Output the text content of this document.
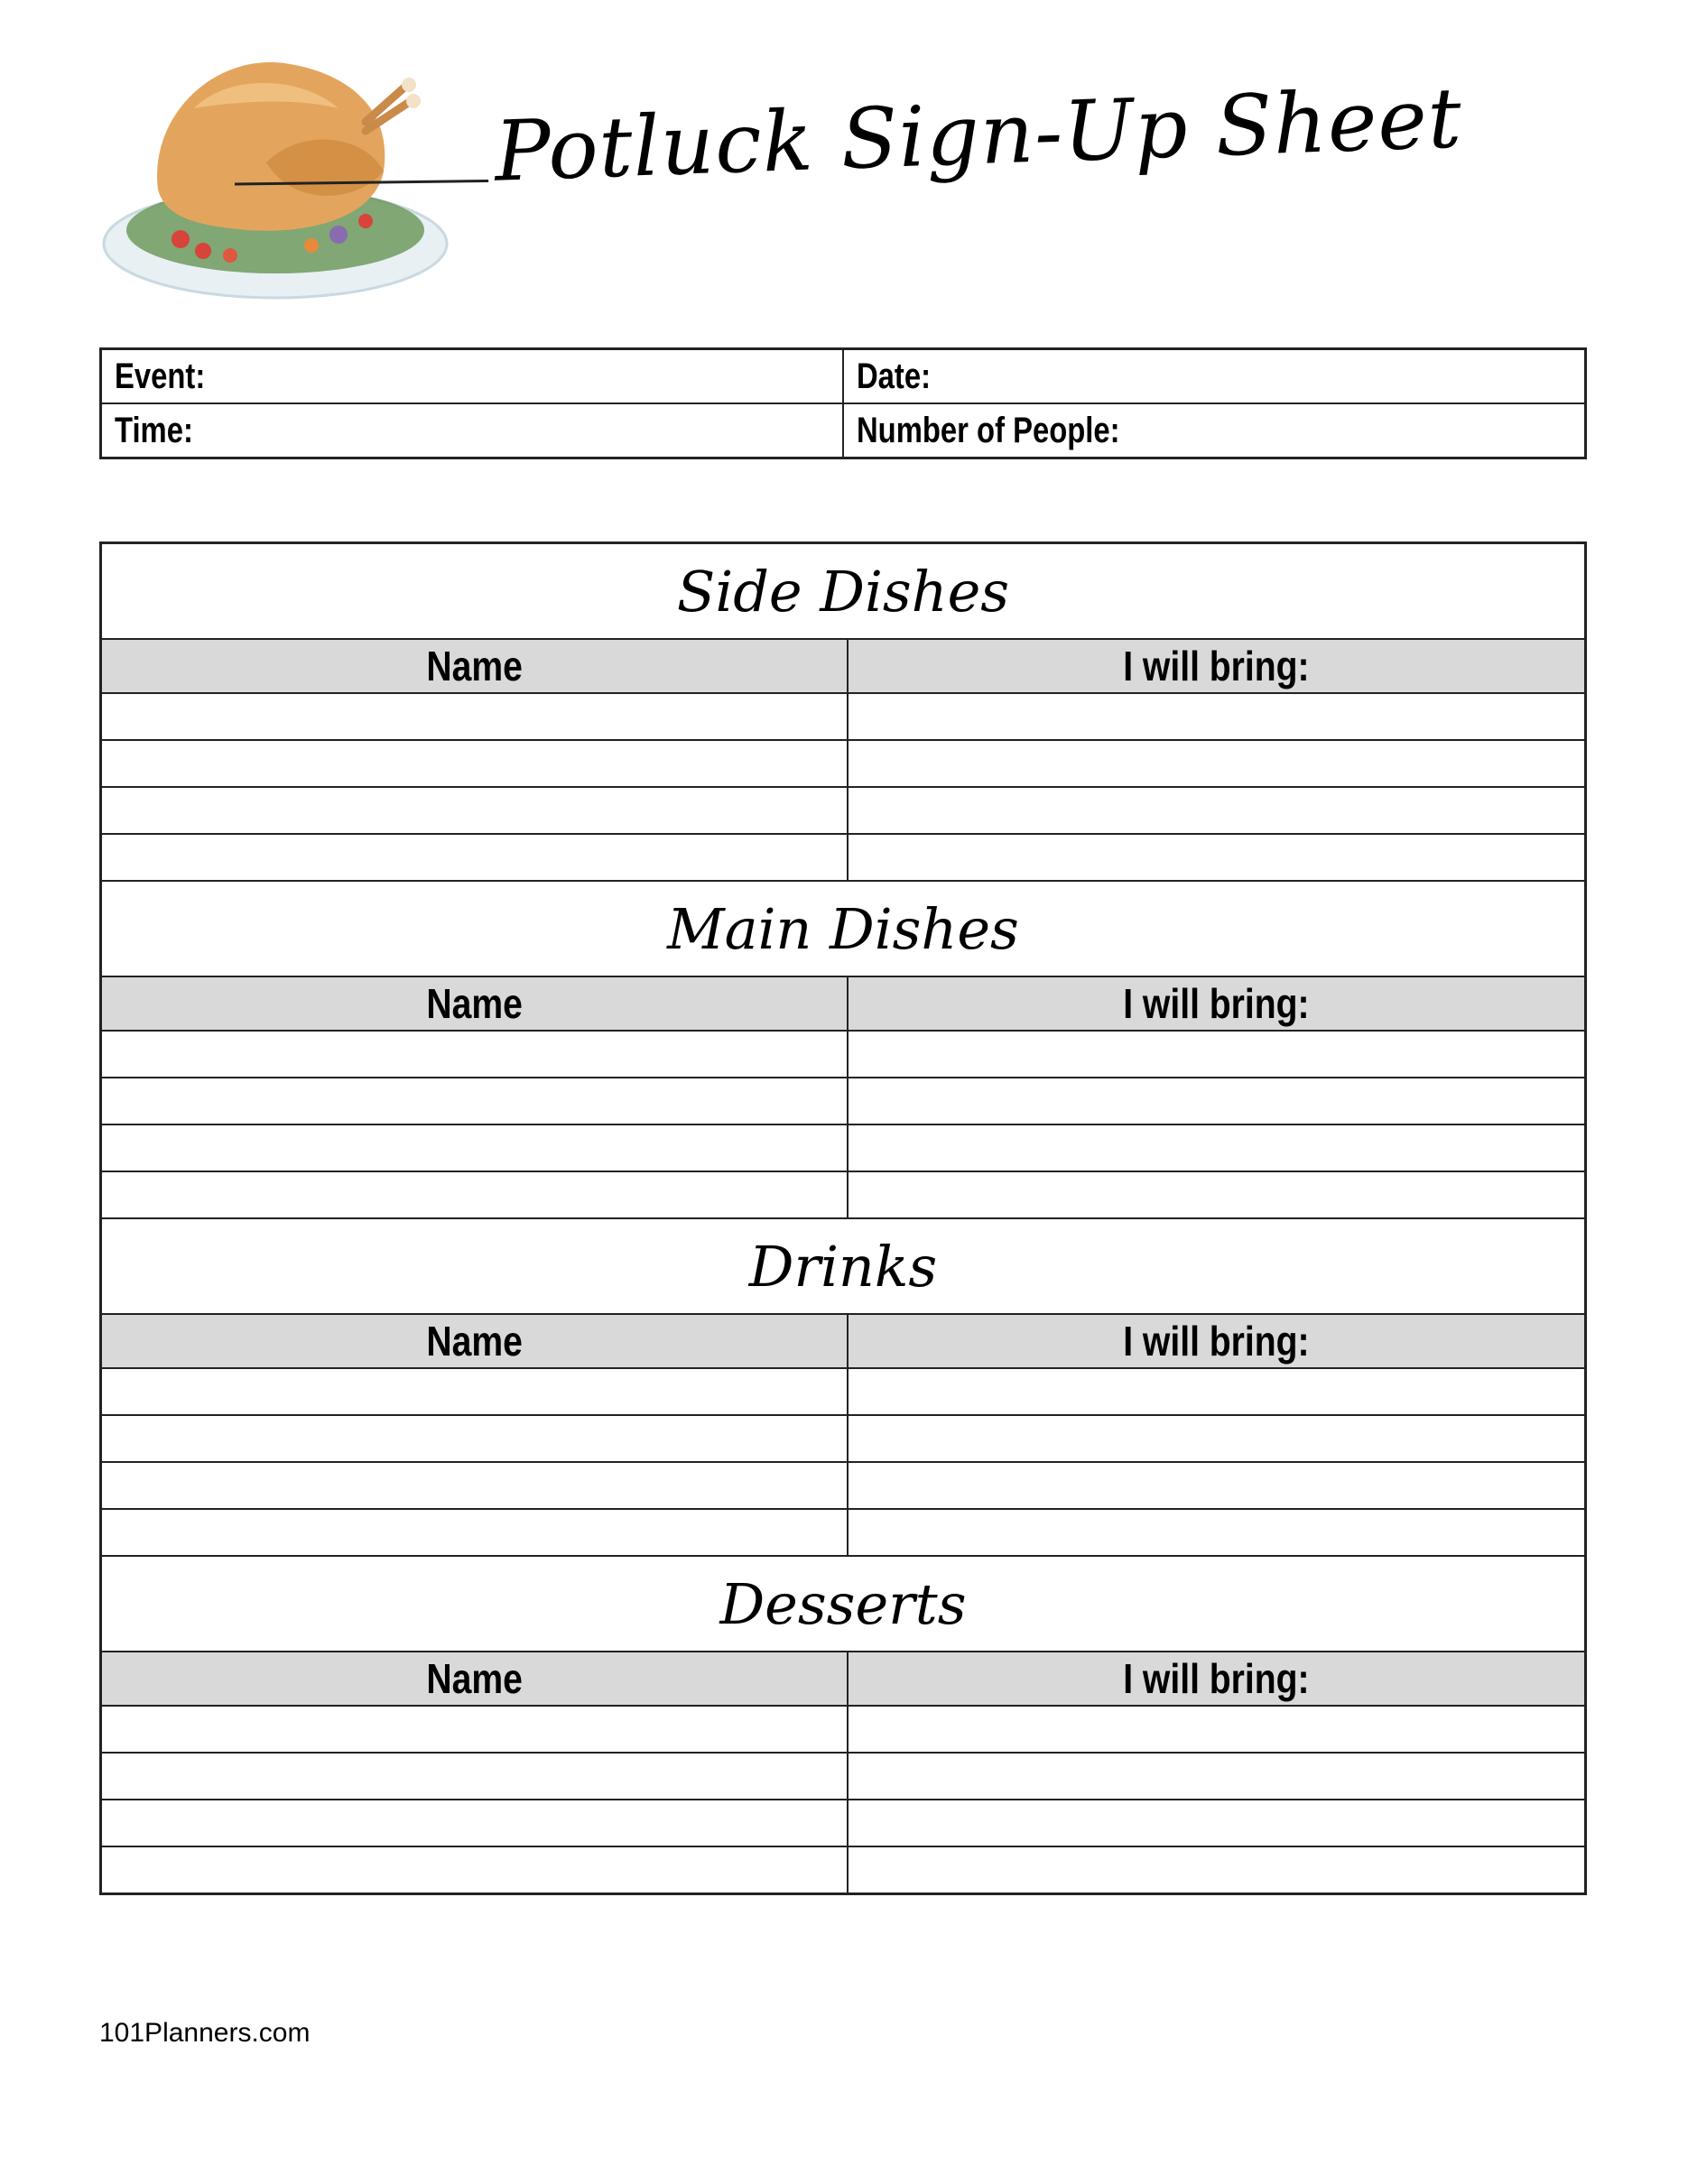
Potluck Sign-Up Sheet
Event:	Date:
Time:	Number of People:
Side Dishes	
Name	I will bring:

Main Dishes	
Name	I will bring:

Drinks	
Name	I will bring:

Desserts	
Name	I will bring:

101Planners.com
